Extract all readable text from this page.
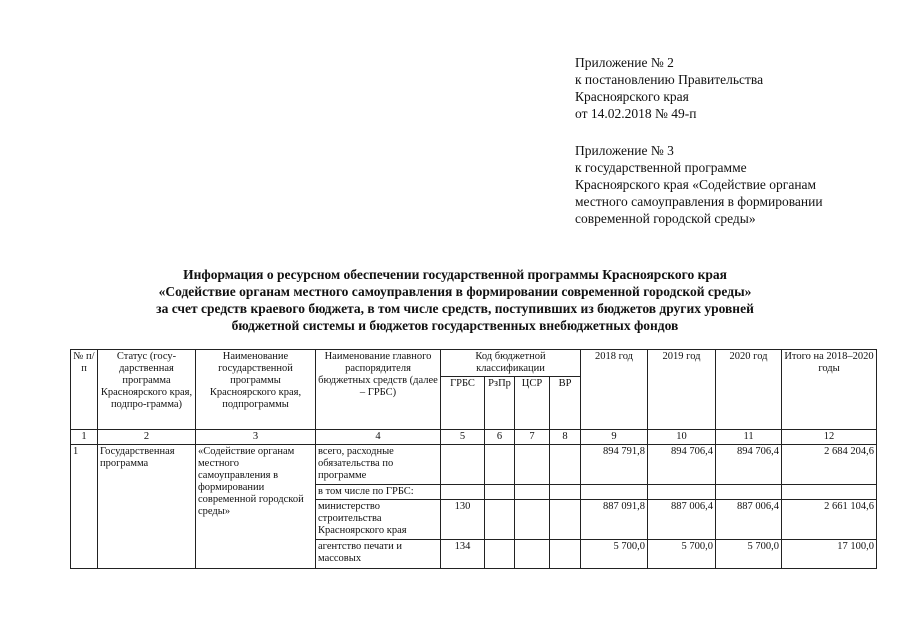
Приложение № 2
к постановлению Правительства
Красноярского края
от 14.02.2018 № 49-п
Приложение № 3
к государственной программе
Красноярского края «Содействие органам
местного самоуправления в формировании
современной городской среды»
Информация о ресурсном обеспечении государственной программы Красноярского края
«Содействие органам местного самоуправления в формировании современной городской среды»
за счет средств краевого бюджета, в том числе средств, поступивших из бюджетов других уровней
бюджетной системы и бюджетов государственных внебюджетных фондов
№ п/п	Статус (госу-дарственная программа Красноярского края, подпро-грамма)	Наименование государственной программы Красноярского края, подпрограммы	Наименование главного распорядителя бюджетных средств (далее – ГРБС)	Код бюджетной классификации				2018 год	2019 год	2020 год	Итого на 2018–2020 годы
				ГРБС	РзПр	ЦСР	ВР				
1	2	3	4	5	6	7	8	9	10	11	12
1	Государственная программа	«Содействие органам местного самоуправления в формировании современной городской среды»	всего, расходные обязательства по программе					894 791,8	894 706,4	894 706,4	2 684 204,6
			в том числе по ГРБС:								
			министерство строительства Красноярского края	130				887 091,8	887 006,4	887 006,4	2 661 104,6
			агентство печати и массовых	134				5 700,0	5 700,0	5 700,0	17 100,0
